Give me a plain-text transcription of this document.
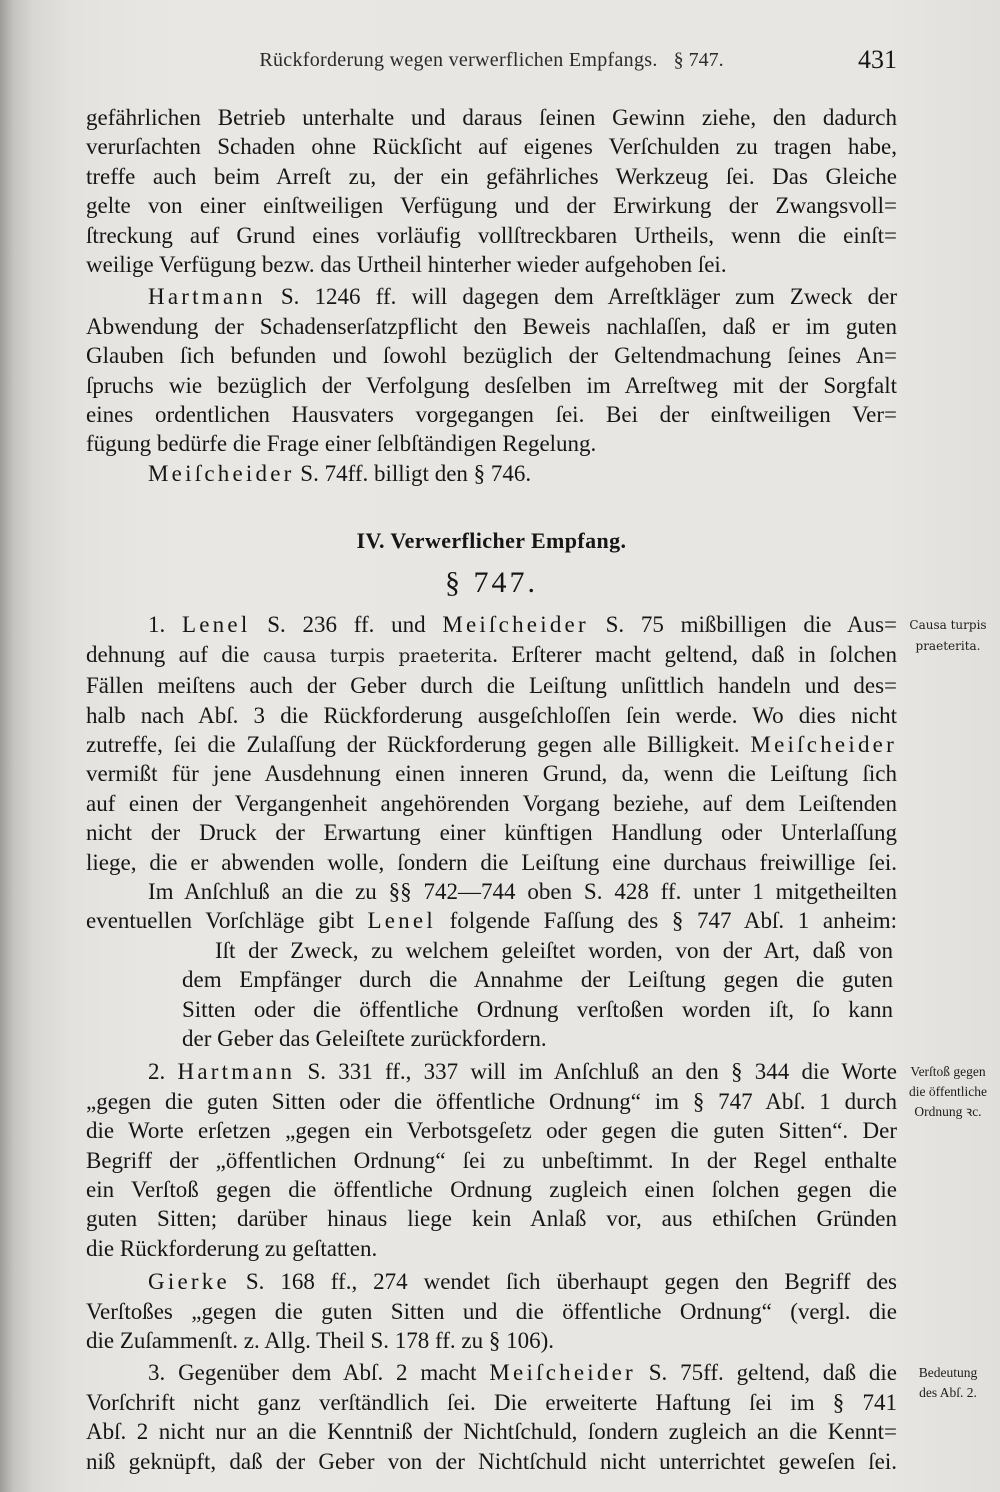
Rückforderung wegen verwerflichen Empfangs. § 747.	431
gefährlichen Betrieb unterhalte und daraus ſeinen Gewinn ziehe, den dadurch
verurſachten Schaden ohne Rückſicht auf eigenes Verſchulden zu tragen habe,
treffe auch beim Arreſt zu, der ein gefährliches Werkzeug ſei. Das Gleiche
gelte von einer einſtweiligen Verfügung und der Erwirkung der Zwangsvoll=
ſtreckung auf Grund eines vorläufig vollſtreckbaren Urtheils, wenn die einſt=
weilige Verfügung bezw. das Urtheil hinterher wieder aufgehoben ſei.
Hartmann S. 1246 ff. will dagegen dem Arreſtkläger zum Zweck der
Abwendung der Schadenserſatzpflicht den Beweis nachlaſſen, daß er im guten
Glauben ſich befunden und ſowohl bezüglich der Geltendmachung ſeines An=
ſpruchs wie bezüglich der Verfolgung desſelben im Arreſtweg mit der Sorgfalt
eines ordentlichen Hausvaters vorgegangen ſei. Bei der einſtweiligen Ver=
fügung bedürfe die Frage einer ſelbſtändigen Regelung.
Meiſcheider S. 74ff. billigt den § 746.
IV. Verwerflicher Empfang.
§ 747.
Causa turpis
praeterita.
1. Lenel S. 236 ff. und Meiſcheider S. 75 mißbilligen die Aus=
dehnung auf die causa turpis praeterita. Erſterer macht geltend, daß in ſolchen
Fällen meiſtens auch der Geber durch die Leiſtung unſittlich handeln und des=
halb nach Abſ. 3 die Rückforderung ausgeſchloſſen ſein werde. Wo dies nicht
zutreffe, ſei die Zulaſſung der Rückforderung gegen alle Billigkeit. Meiſcheider
vermißt für jene Ausdehnung einen inneren Grund, da, wenn die Leiſtung ſich
auf einen der Vergangenheit angehörenden Vorgang beziehe, auf dem Leiſtenden
nicht der Druck der Erwartung einer künftigen Handlung oder Unterlaſſung
liege, die er abwenden wolle, ſondern die Leiſtung eine durchaus freiwillige ſei.
Im Anſchluß an die zu §§ 742—744 oben S. 428 ff. unter 1 mitgetheilten
eventuellen Vorſchläge gibt Lenel folgende Faſſung des § 747 Abſ. 1 anheim:
Iſt der Zweck, zu welchem geleiſtet worden, von der Art, daß von
dem Empfänger durch die Annahme der Leiſtung gegen die guten
Sitten oder die öffentliche Ordnung verſtoßen worden iſt, ſo kann
der Geber das Geleiſtete zurückfordern.
Verſtoß gegen
die öffentliche
Ordnung ꝛc.
2. Hartmann S. 331 ff., 337 will im Anſchluß an den § 344 die Worte
„gegen die guten Sitten oder die öffentliche Ordnung“ im § 747 Abſ. 1 durch
die Worte erſetzen „gegen ein Verbotsgeſetz oder gegen die guten Sitten“. Der
Begriff der „öffentlichen Ordnung“ ſei zu unbeſtimmt. In der Regel enthalte
ein Verſtoß gegen die öffentliche Ordnung zugleich einen ſolchen gegen die
guten Sitten; darüber hinaus liege kein Anlaß vor, aus ethiſchen Gründen
die Rückforderung zu geſtatten.
Gierke S. 168 ff., 274 wendet ſich überhaupt gegen den Begriff des
Verſtoßes „gegen die guten Sitten und die öffentliche Ordnung“ (vergl. die
die Zuſammenſt. z. Allg. Theil S. 178 ff. zu § 106).
Bedeutung
des Abſ. 2.
3. Gegenüber dem Abſ. 2 macht Meiſcheider S. 75ff. geltend, daß die
Vorſchrift nicht ganz verſtändlich ſei. Die erweiterte Haftung ſei im § 741
Abſ. 2 nicht nur an die Kenntniß der Nichtſchuld, ſondern zugleich an die Kennt=
niß geknüpft, daß der Geber von der Nichtſchuld nicht unterrichtet geweſen ſei.
